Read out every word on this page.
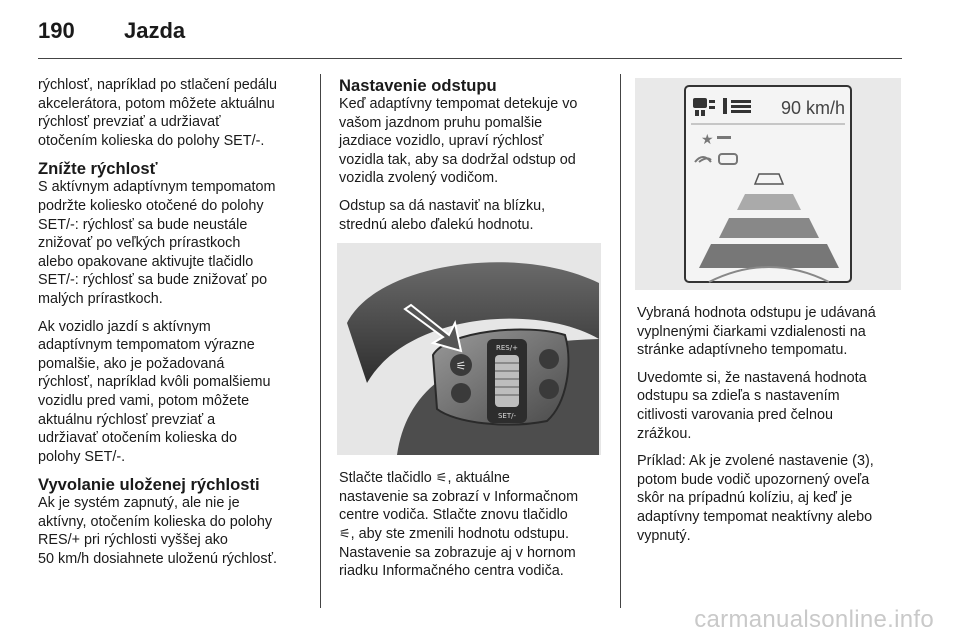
190 Jazda

rýchlosť, napríklad po stlačení pedálu
akcelerátora, potom môžete aktuálnu
rýchlosť prevziať a udržiavať
otočením kolieska do polohy SET/-.

Znížte rýchlosť

S aktívnym adaptívnym tempomatom
podržte koliesko otočené do polohy
SET/-: rýchlosť sa bude neustále
znižovať po veľkých prírastkoch
alebo opakovane aktivujte tlačidlo
SET/-: rýchlosť sa bude znižovať po
malých prírastkoch.

Ak vozidlo jazdí s aktívnym
adaptívnym tempomatom výrazne
pomalšie, ako je požadovaná
rýchlosť, napríklad kvôli pomalšiemu
vozidlu pred vami, potom môžete
aktuálnu rýchlosť prevziať a
udržiavať otočením kolieska do
polohy SET/-.

Vyvolanie uloženej rýchlosti

Ak je systém zapnutý, ale nie je
aktívny, otočením kolieska do polohy
RES/+ pri rýchlosti vyššej ako
50 km/h dosiahnete uloženú rýchlosť.

Nastavenie odstupu

Keď adaptívny tempomat detekuje vo
vašom jazdnom pruhu pomalšie
jazdiace vozidlo, upraví rýchlosť
vozidla tak, aby sa dodržal odstup od
vozidla zvolený vodičom.

Odstup sa dá nastaviť na blízku,
strednú alebo ďalekú hodnotu.

⚟
RES/+
SET/-

Stlačte tlačidlo ⚟, aktuálne
nastavenie sa zobrazí v Informačnom
centre vodiča. Stlačte znovu tlačidlo
⚟, aby ste zmenili hodnotu odstupu.
Nastavenie sa zobrazuje aj v hornom
riadku Informačného centra vodiča.

90 km/h
★

Vybraná hodnota odstupu je udávaná
vyplnenými čiarkami vzdialenosti na
stránke adaptívneho tempomatu.

Uvedomte si, že nastavená hodnota
odstupu sa zdieľa s nastavením
citlivosti varovania pred čelnou
zrážkou.

Príklad: Ak je zvolené nastavenie (3),
potom bude vodič upozornený oveľa
skôr na prípadnú kolíziu, aj keď je
adaptívny tempomat neaktívny alebo
vypnutý.

carmanualsonline.info
